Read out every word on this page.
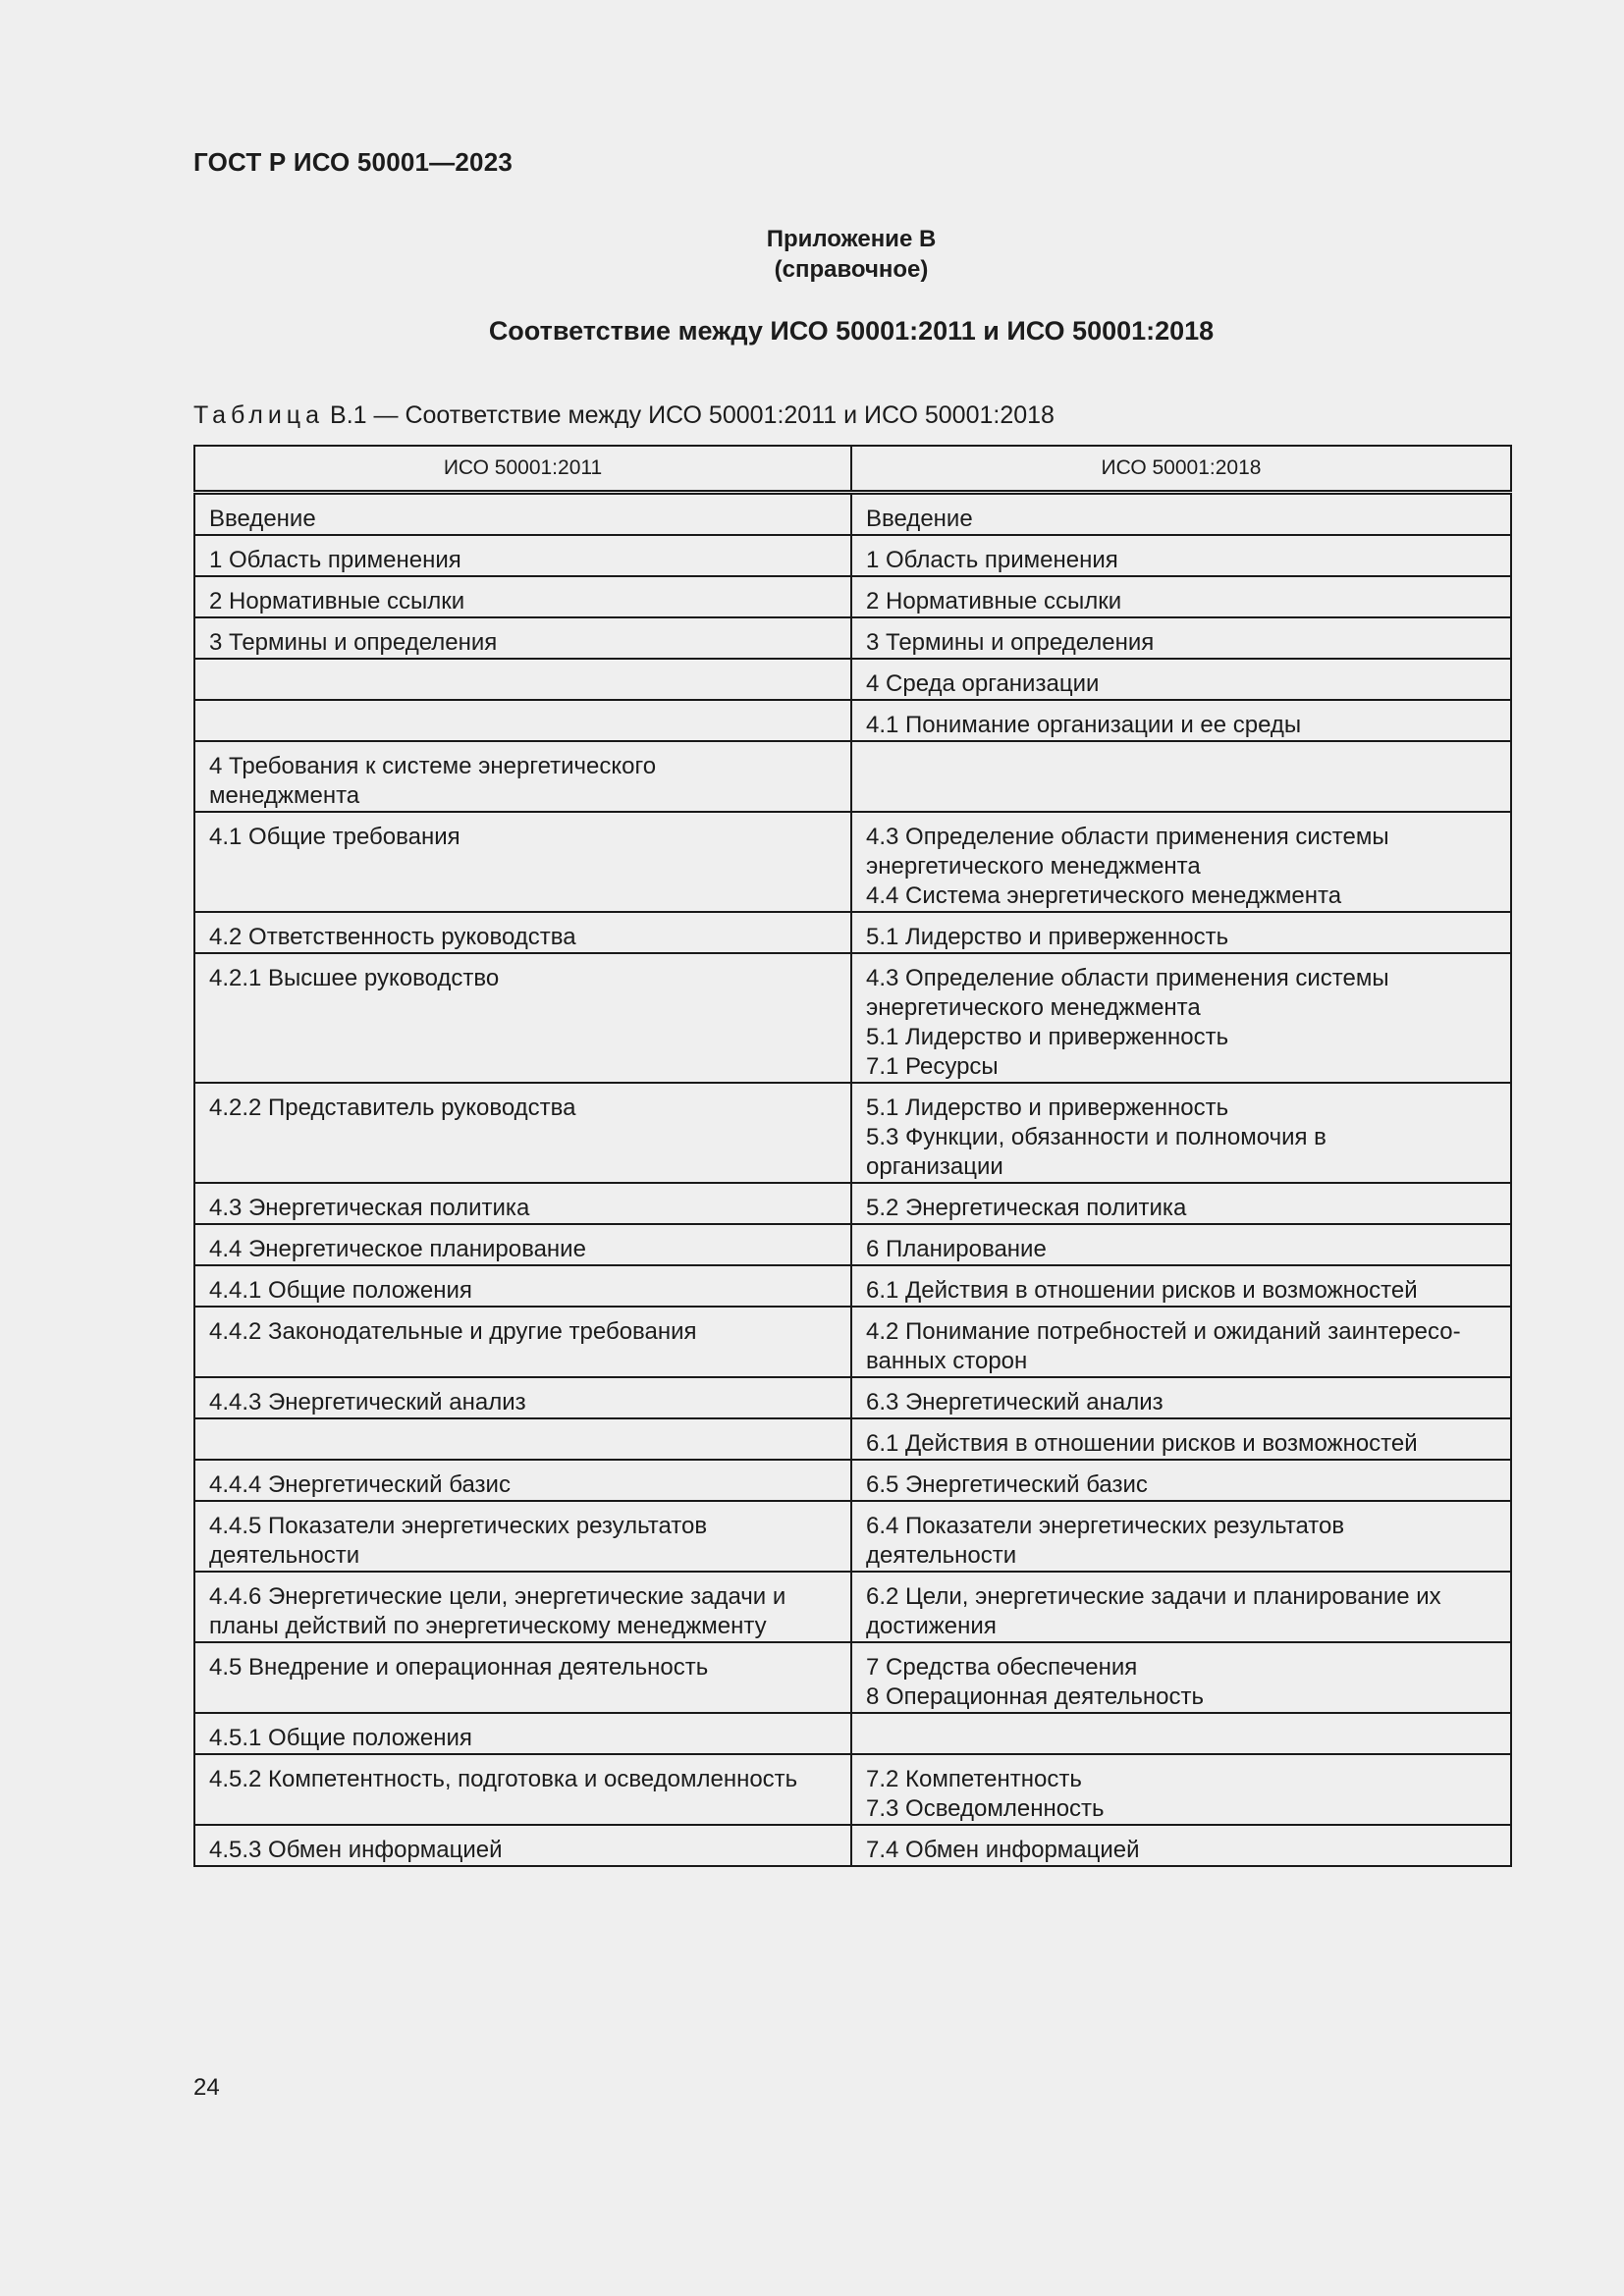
ГОСТ Р ИСО 50001—2023
Приложение В
(справочное)
Соответствие между ИСО 50001:2011 и ИСО 50001:2018
Таблица В.1 — Соответствие между ИСО 50001:2011 и ИСО 50001:2018
ИСО 50001:2011	ИСО 50001:2018

Введение	Введение

1 Область применения	1 Область применения

2 Нормативные ссылки	2 Нормативные ссылки

3 Термины и определения	3 Термины и определения

	4 Среда организации

	4.1 Понимание организации и ее среды

4 Требования к системе энергетического
менеджмента	

4.1 Общие требования	4.3 Определение области применения системы
энергетического менеджмента
4.4 Система энергетического менеджмента

4.2 Ответственность руководства	5.1 Лидерство и приверженность

4.2.1 Высшее руководство	4.3 Определение области применения системы
энергетического менеджмента
5.1 Лидерство и приверженность
7.1 Ресурсы

4.2.2 Представитель руководства	5.1 Лидерство и приверженность
5.3 Функции, обязанности и полномочия в
организации

4.3 Энергетическая политика	5.2 Энергетическая политика

4.4 Энергетическое планирование	6 Планирование

4.4.1 Общие положения	6.1 Действия в отношении рисков и возможностей

4.4.2 Законодательные и другие требования	4.2 Понимание потребностей и ожиданий заинтересо-
ванных сторон

4.4.3 Энергетический анализ	6.3 Энергетический анализ

	6.1 Действия в отношении рисков и возможностей

4.4.4 Энергетический базис	6.5 Энергетический базис

4.4.5 Показатели энергетических результатов
деятельности	6.4 Показатели энергетических результатов
деятельности

4.4.6 Энергетические цели, энергетические задачи и
планы действий по энергетическому менеджменту	6.2 Цели, энергетические задачи и планирование их
достижения

4.5 Внедрение и операционная деятельность	7 Средства обеспечения
8 Операционная деятельность

4.5.1 Общие положения	

4.5.2 Компетентность, подготовка и осведомленность	7.2 Компетентность
7.3 Осведомленность

4.5.3 Обмен информацией	7.4 Обмен информацией
24
